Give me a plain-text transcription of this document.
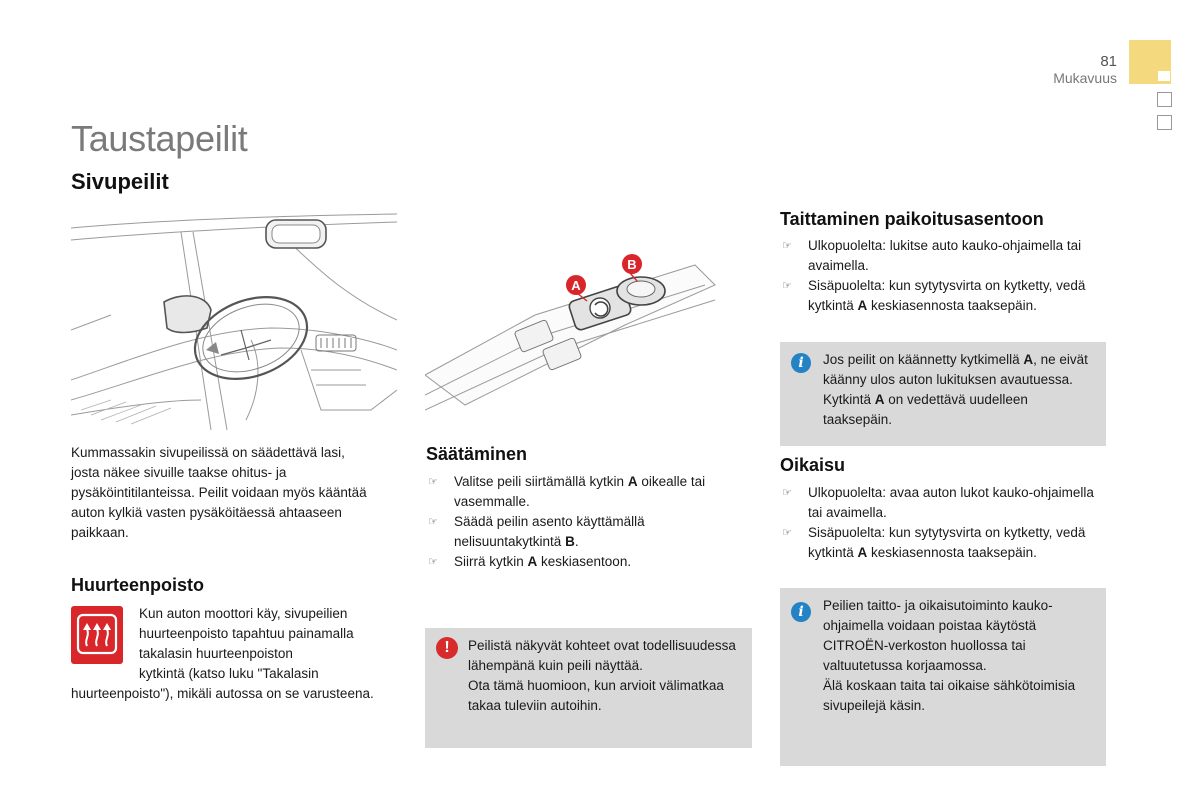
81
Mukavuus
Taustapeilit
Sivupeilit
A
B

Kummassakin sivupeilissä on säädettävä lasi, josta näkee sivuille taakse ohitus- ja pysäköintitilanteissa. Peilit voidaan myös kääntää auton kylkiä vasten pysäköitäessä ahtaaseen paikkaan.

Huurteenpoisto

Kun auton moottori käy, sivupeilien huurteenpoisto tapahtuu painamalla takalasin huurteenpoiston

kytkintä (katso luku "Takalasin huurteenpoisto"), mikäli autossa on se varusteena.

Säätäminen
☞ Valitse peili siirtämällä kytkin A oikealle tai vasemmalle.
☞ Säädä peilin asento käyttämällä nelisuuntakytkintä B.
☞ Siirrä kytkin A keskiasentoon.
!	Peilistä näkyvät kohteet ovat todellisuudessa lähempänä kuin peili näyttää.
Ota tämä huomioon, kun arvioit välimatkaa takaa tuleviin autoihin.
Taittaminen paikoitusasentoon
☞ Ulkopuolelta: lukitse auto kauko-ohjaimella tai avaimella.
☞ Sisäpuolelta: kun sytytysvirta on kytketty, vedä kytkintä A keskiasennosta taaksepäin.
i	Jos peilit on käännetty kytkimellä A, ne eivät käänny ulos auton lukituksen avautuessa. Kytkintä A on vedettävä uudelleen taaksepäin.
Oikaisu
☞ Ulkopuolelta: avaa auton lukot kauko-ohjaimella tai avaimella.
☞ Sisäpuolelta: kun sytytysvirta on kytketty, vedä kytkintä A keskiasennosta taaksepäin.
i	Peilien taitto- ja oikaisutoiminto kauko-ohjaimella voidaan poistaa käytöstä CITROËN-verkoston huollossa tai valtuutetussa korjaamossa.
Älä koskaan taita tai oikaise sähkötoimisia sivupeilejä käsin.
